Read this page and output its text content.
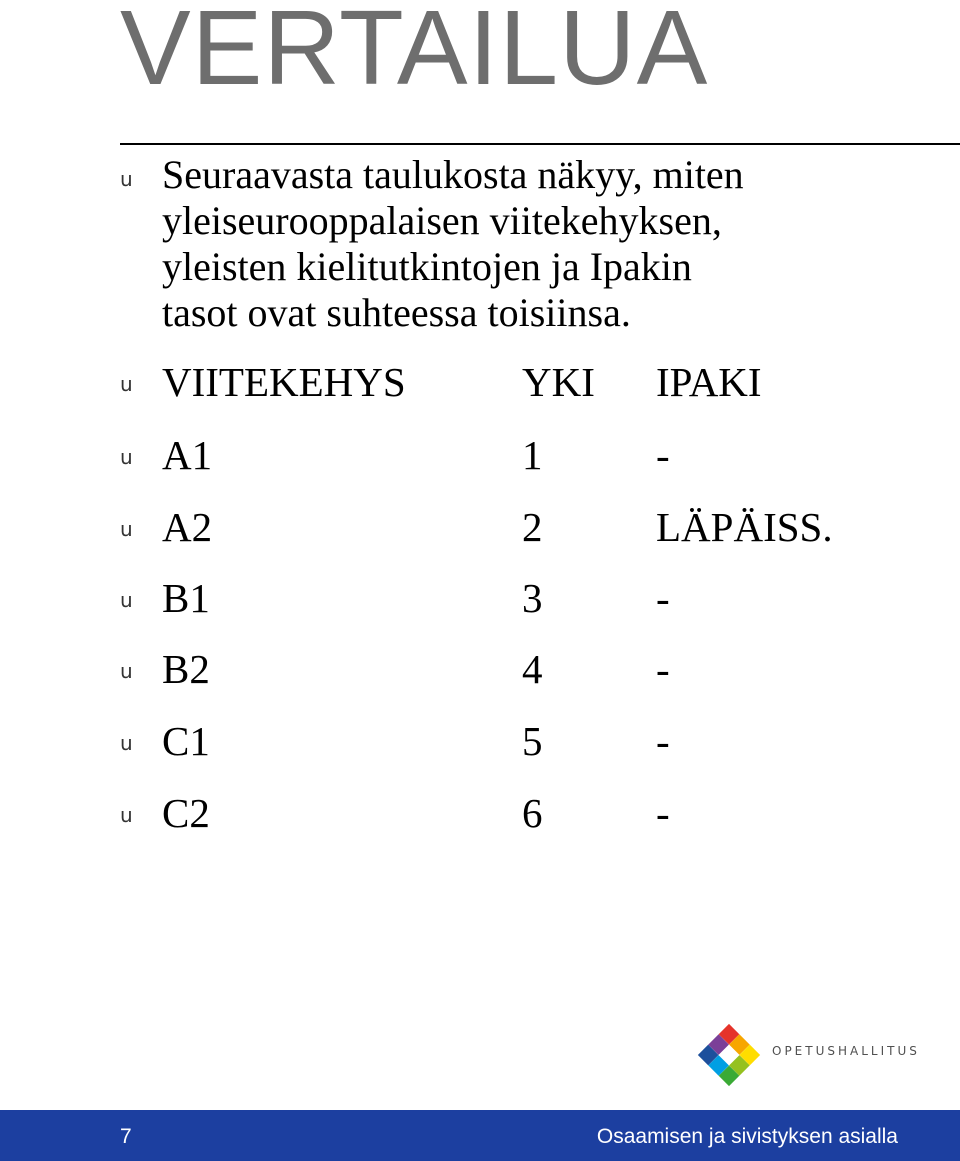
VERTAILUA
u Seuraavasta taulukosta näkyy, miten
yleiseurooppalaisen viitekehyksen,
yleisten kielitutkintojen ja Ipakin
tasot ovat suhteessa toisiinsa.
u VIITEKEHYS	YKI IPAKI
u A1	1	-
u A2	2	LÄPÄISS.
u B1	3	-
u B2	4	-
u C1	5	-
u C2	6	-
OPETUSHALLITUS
7	Osaamisen ja sivistyksen asialla
